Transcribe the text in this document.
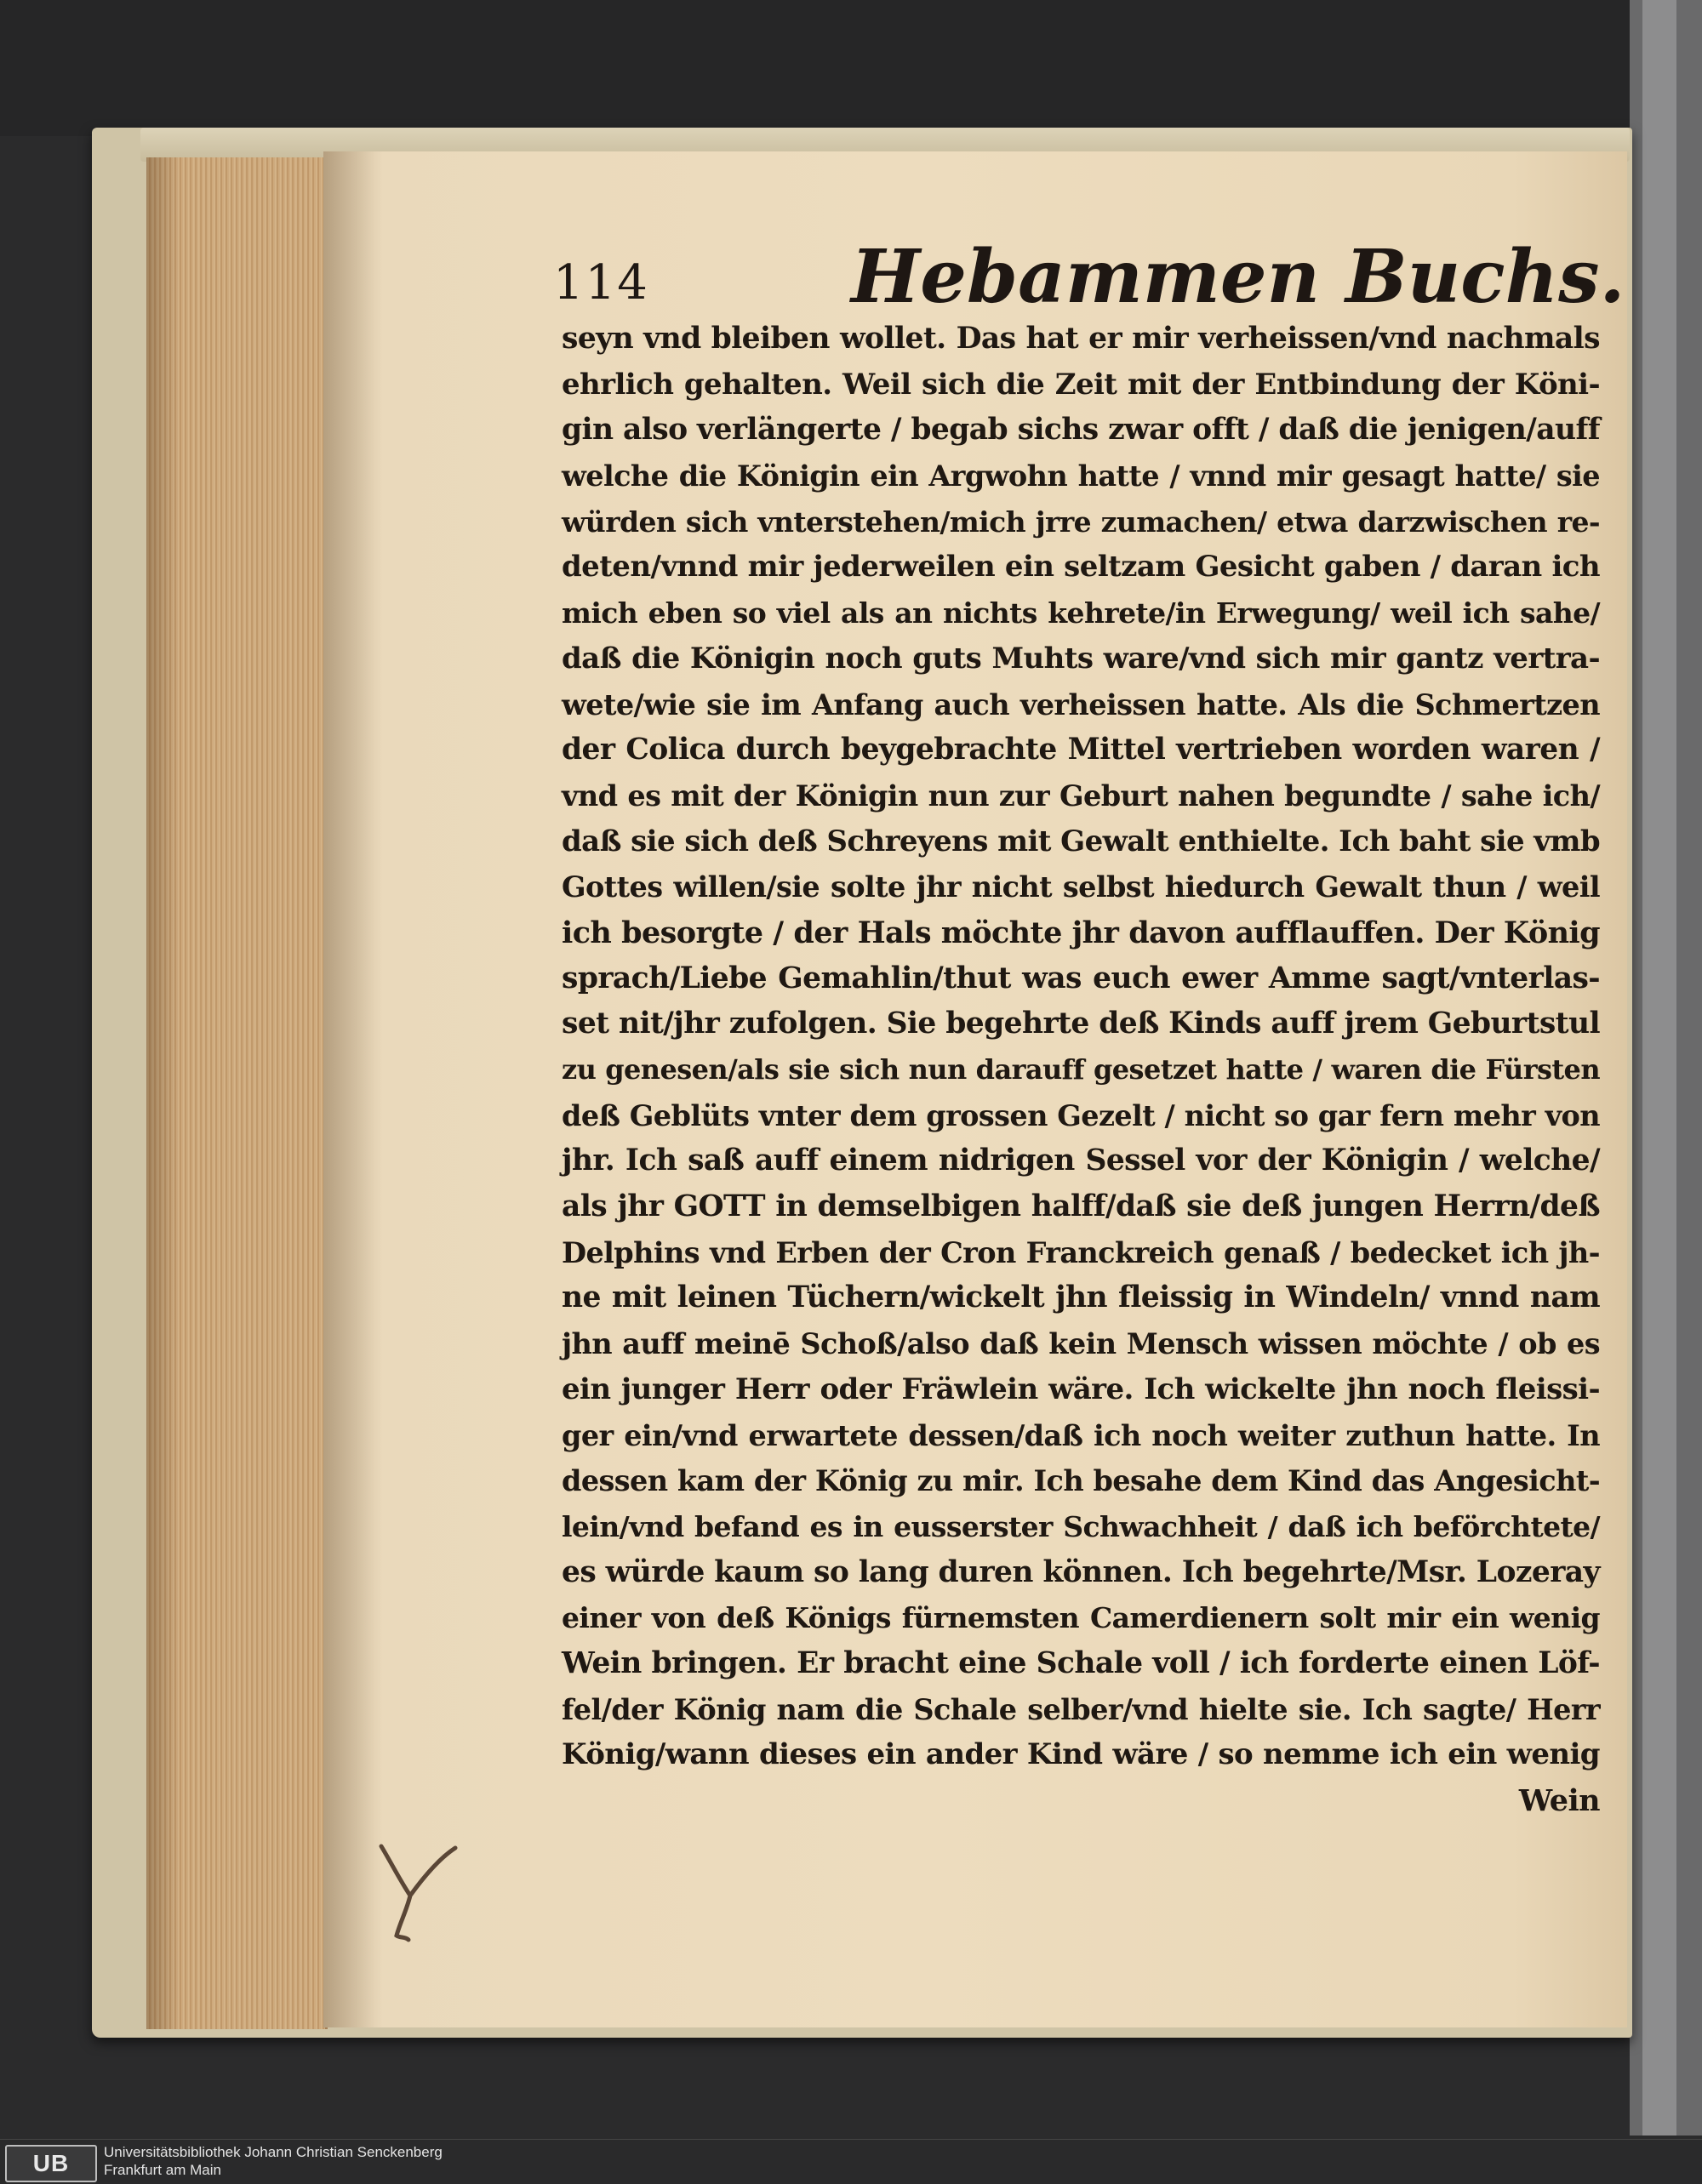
114	Hebammen Buchs.
seyn vnd bleiben wollet. Das hat er mir verheissen/vnd nachmals
ehrlich gehalten. Weil sich die Zeit mit der Entbindung der Köni-
gin also verlängerte / begab sichs zwar offt / daß die jenigen/auff
welche die Königin ein Argwohn hatte / vnnd mir gesagt hatte/ sie
würden sich vnterstehen/mich jrre zumachen/ etwa darzwischen re-
deten/vnnd mir jederweilen ein seltzam Gesicht gaben / daran ich
mich eben so viel als an nichts kehrete/in Erwegung/ weil ich sahe/
daß die Königin noch guts Muhts ware/vnd sich mir gantz vertra-
wete/wie sie im Anfang auch verheissen hatte. Als die Schmertzen
der Colica durch beygebrachte Mittel vertrieben worden waren /
vnd es mit der Königin nun zur Geburt nahen begundte / sahe ich/
daß sie sich deß Schreyens mit Gewalt enthielte. Ich baht sie vmb
Gottes willen/sie solte jhr nicht selbst hiedurch Gewalt thun / weil
ich besorgte / der Hals möchte jhr davon aufflauffen. Der König
sprach/Liebe Gemahlin/thut was euch ewer Amme sagt/vnterlas-
set nit/jhr zufolgen. Sie begehrte deß Kinds auff jrem Geburtstul
zu genesen/als sie sich nun darauff gesetzet hatte / waren die Fürsten
deß Geblüts vnter dem grossen Gezelt / nicht so gar fern mehr von
jhr. Ich saß auff einem nidrigen Sessel vor der Königin / welche/
als jhr GOTT in demselbigen halff/daß sie deß jungen Herrn/deß
Delphins vnd Erben der Cron Franckreich genaß / bedecket ich jh-
ne mit leinen Tüchern/wickelt jhn fleissig in Windeln/ vnnd nam
jhn auff meinē Schoß/also daß kein Mensch wissen möchte / ob es
ein junger Herr oder Fräwlein wäre. Ich wickelte jhn noch fleissi-
ger ein/vnd erwartete dessen/daß ich noch weiter zuthun hatte. In
dessen kam der König zu mir. Ich besahe dem Kind das Angesicht-
lein/vnd befand es in eusserster Schwachheit / daß ich beförchtete/
es würde kaum so lang duren können. Ich begehrte/Msr. Lozeray
einer von deß Königs fürnemsten Camerdienern solt mir ein wenig
Wein bringen. Er bracht eine Schale voll / ich forderte einen Löf-
fel/der König nam die Schale selber/vnd hielte sie. Ich sagte/ Herr
König/wann dieses ein ander Kind wäre / so nemme ich ein wenig
Wein
UB	Universitätsbibliothek Johann Christian Senckenberg
Frankfurt am Main
